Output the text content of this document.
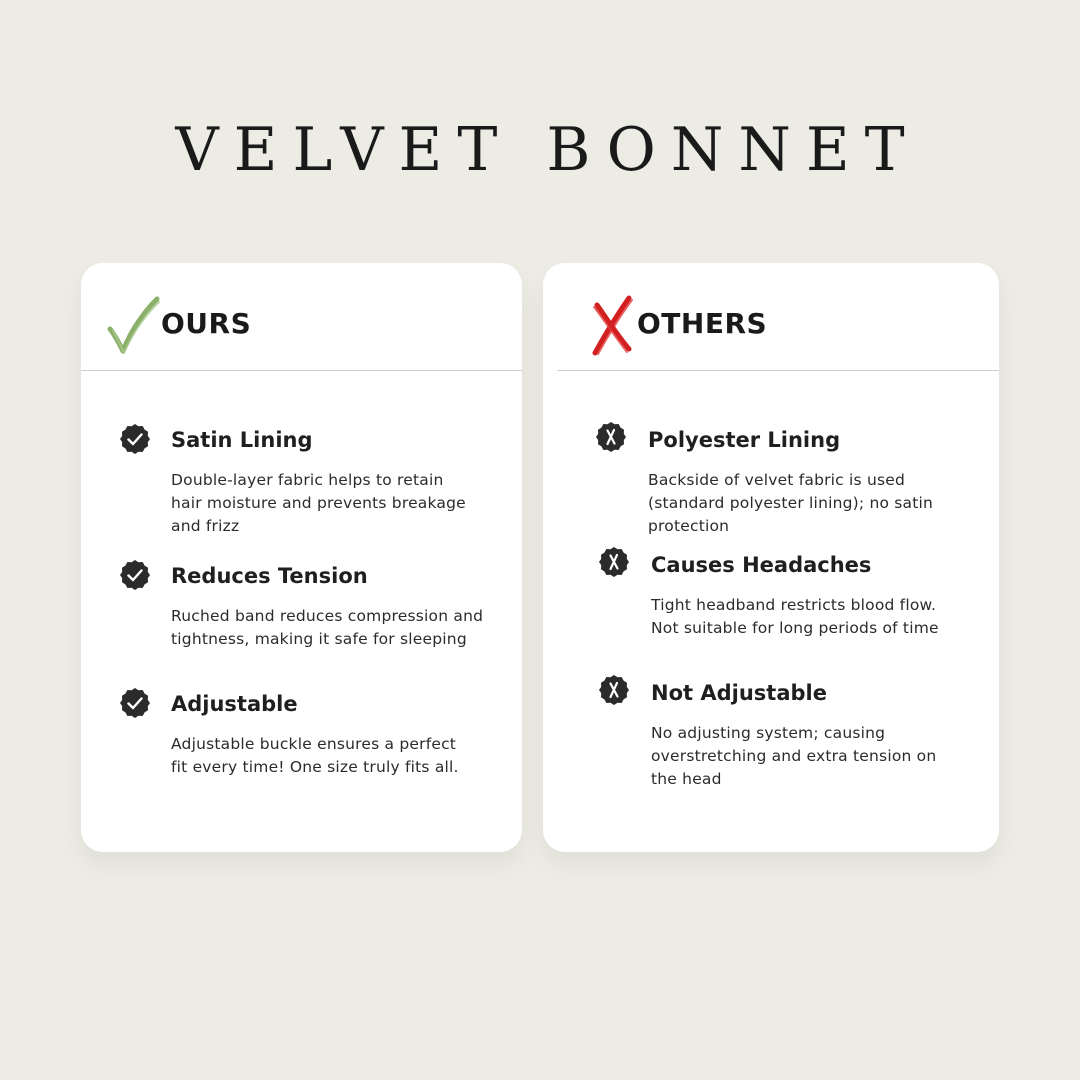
VELVET BONNET
OURS
Satin Lining
Double-layer fabric helps to retain hair moisture and prevents breakage and frizz
Reduces Tension
Ruched band reduces compression and tightness, making it safe for sleeping
Adjustable
Adjustable buckle ensures a perfect fit every time! One size truly fits all.
OTHERS
Polyester Lining
Backside of velvet fabric is used (standard polyester lining); no satin protection
Causes Headaches
Tight headband restricts blood flow. Not suitable for long periods of time
Not Adjustable
No adjusting system; causing overstretching and extra tension on the head
